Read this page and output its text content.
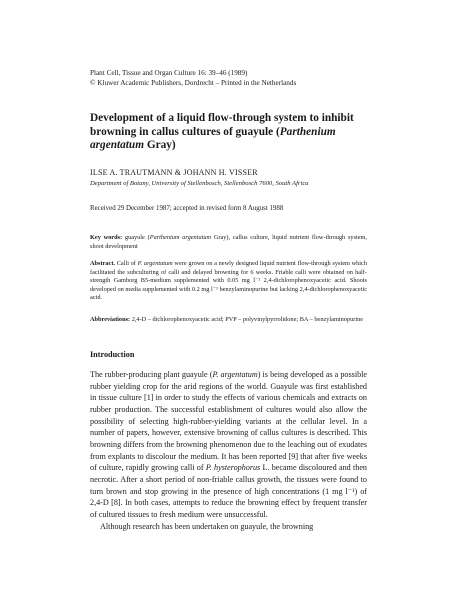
Plant Cell, Tissue and Organ Culture 16: 39–46 (1989)
© Kluwer Academic Publishers, Dordrecht – Printed in the Netherlands
Development of a liquid flow-through system to inhibit browning in callus cultures of guayule (Parthenium argentatum Gray)
ILSE A. TRAUTMANN & JOHANN H. VISSER
Department of Botany, University of Stellenbosch, Stellenbosch 7600, South Africa
Received 29 December 1987; accepted in revised form 8 August 1988
Key words: guayule (Parthenium argentatum Gray), callus culture, liquid nutrient flow-through system, shoot development
Abstract. Calli of P. argentatum were grown on a newly designed liquid nutrient flow-through system which facilitated the subculturing of calli and delayed browning for 6 weeks. Friable calli were obtained on half-strength Gamborg B5-medium supplemented with 0.05 mg l⁻¹ 2,4-dichlorophenoxyacetic acid. Shoots developed on media supplemented with 0.2 mg l⁻¹ benzylaminopurine but lacking 2,4-dichlorophenoxyacetic acid.
Abbreviations: 2,4-D – dichlorophenoxyacetic acid; PVP – polyvinylpyrrolidone; BA – benzylaminopurine
Introduction

The rubber-producing plant guayule (P. argentatum) is being developed as a possible rubber yielding crop for the arid regions of the world. Guayule was first established in tissue culture [1] in order to study the effects of various chemicals and extracts on rubber production. The successful establishment of cultures would also allow the possibility of selecting high-rubber-yielding variants at the cellular level. In a number of papers, however, extensive browning of callus cultures is described. This browning differs from the browning phenomenon due to the leaching out of exudates from explants to discolour the medium. It has been reported [9] that after five weeks of culture, rapidly growing calli of P. hysterophorus L. became discoloured and then necrotic. After a short period of non-friable callus growth, the tissues were found to turn brown and stop growing in the presence of high concentrations (1 mg l⁻¹) of 2,4-D [8]. In both cases, attempts to reduce the browning effect by frequent transfer of cultured tissues to fresh medium were unsuccessful.

Although research has been undertaken on guayule, the browning
